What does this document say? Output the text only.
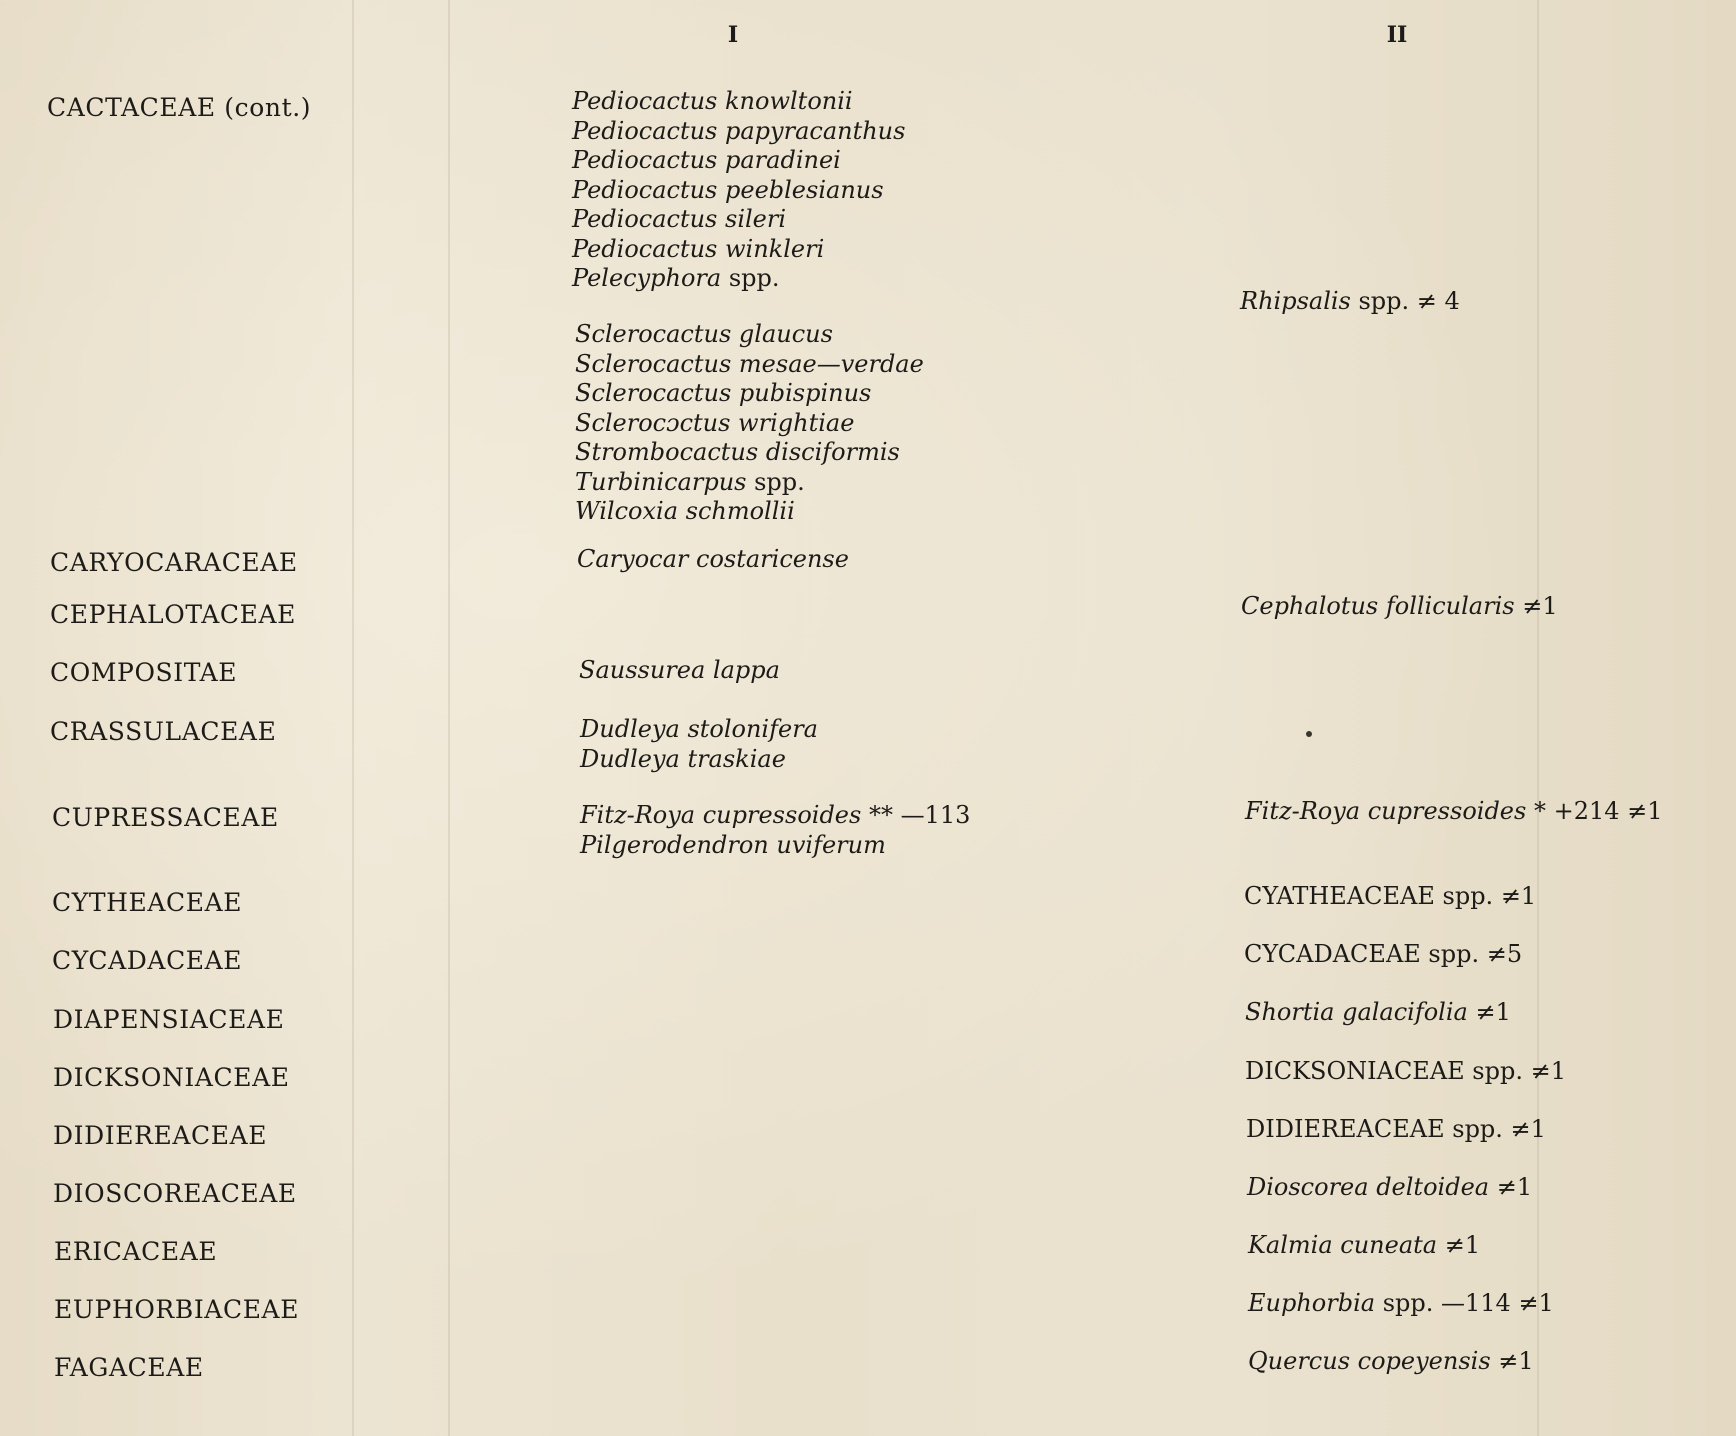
I	II
CACTACEAE (cont.)
CARYOCARACEAE
CEPHALOTACEAE
COMPOSITAE
CRASSULACEAE
CUPRESSACEAE
CYTHEACEAE
CYCADACEAE
DIAPENSIACEAE
DICKSONIACEAE
DIDIEREACEAE
DIOSCOREACEAE
ERICACEAE
EUPHORBIACEAE
FAGACEAE
Pediocactus knowltonii
Pediocactus papyracanthus
Pediocactus paradinei
Pediocactus peeblesianus
Pediocactus sileri
Pediocactus winkleri
Pelecyphora spp.
Sclerocactus glaucus
Sclerocactus mesae—verdae
Sclerocactus pubispinus
Sclerocɔctus wrightiae
Strombocactus disciformis
Turbinicarpus spp.
Wilcoxia schmollii
Caryocar costaricense
Saussurea lappa
Dudleya stolonifera
Dudleya traskiae
Fitz-Roya cupressoides ** —113
Pilgerodendron uviferum
Rhipsalis spp. ≠ 4
Cephalotus follicularis ≠1
Fitz-Roya cupressoides * +214 ≠1
CYATHEACEAE spp. ≠1
CYCADACEAE spp. ≠5
Shortia galacifolia ≠1
DICKSONIACEAE spp. ≠1
DIDIEREACEAE spp. ≠1
Dioscorea deltoidea ≠1
Kalmia cuneata ≠1
Euphorbia spp. —114 ≠1
Quercus copeyensis ≠1
